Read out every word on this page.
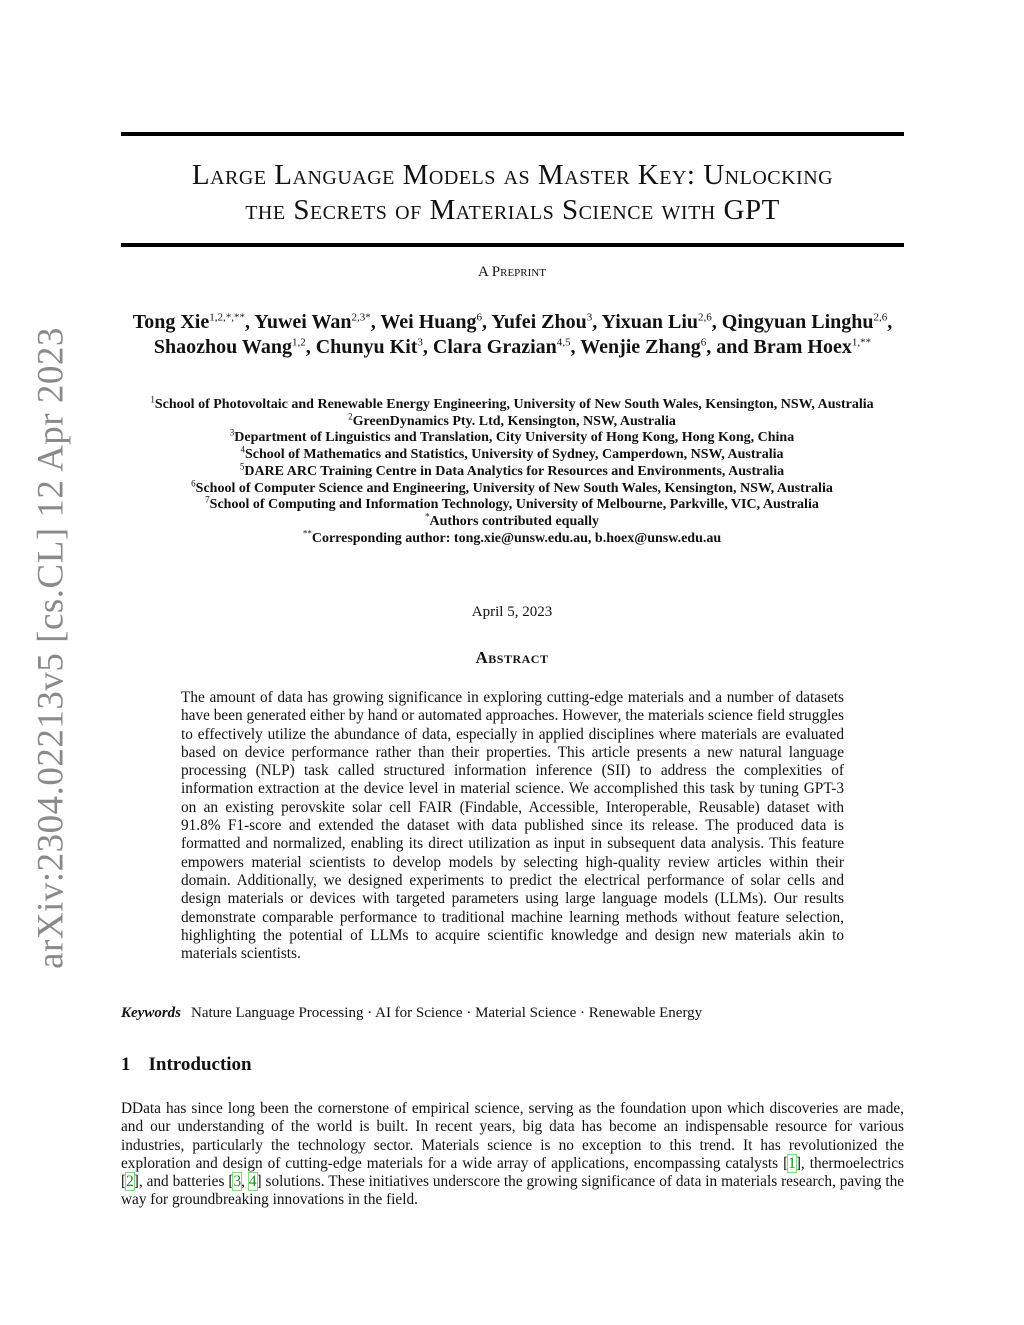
arXiv:2304.02213v5 [cs.CL] 12 Apr 2023
Large Language Models as Master Key: Unlocking
the Secrets of Materials Science with GPT
A Preprint
Tong Xie$^{1,2,*,**}$, Yuwei Wan$^{2,3*}$, Wei Huang$^6$, Yufei Zhou$^3$, Yixuan Liu$^{2,6}$, Qingyuan Linghu$^{2,6}$, Shaozhou Wang$^{1,2}$, Chunyu Kit$^3$, Clara Grazian$^{4,5}$, Wenjie Zhang$^6$, and Bram Hoex$^{1,**}$
$^1$School of Photovoltaic and Renewable Energy Engineering, University of New South Wales, Kensington, NSW, Australia
$^2$GreenDynamics Pty. Ltd, Kensington, NSW, Australia
$^3$Department of Linguistics and Translation, City University of Hong Kong, Hong Kong, China
$^4$School of Mathematics and Statistics, University of Sydney, Camperdown, NSW, Australia
$^5$DARE ARC Training Centre in Data Analytics for Resources and Environments, Australia
$^6$School of Computer Science and Engineering, University of New South Wales, Kensington, NSW, Australia
$^7$School of Computing and Information Technology, University of Melbourne, Parkville, VIC, Australia
*Authors contributed equally
**Corresponding author: tong.xie@unsw.edu.au, b.hoex@unsw.edu.au
April 5, 2023
Abstract
The amount of data has growing significance in exploring cutting-edge materials and a number of datasets have been generated either by hand or automated approaches. However, the materials science field struggles to effectively utilize the abundance of data, especially in applied disciplines where materials are evaluated based on device performance rather than their properties. This article presents a new natural language processing (NLP) task called structured information inference (SII) to address the complexities of information extraction at the device level in material science. We accomplished this task by tuning GPT-3 on an existing perovskite solar cell FAIR (Findable, Accessible, Interoperable, Reusable) dataset with 91.8% F1-score and extended the dataset with data published since its release. The produced data is formatted and normalized, enabling its direct utilization as input in subsequent data analysis. This feature empowers material scientists to develop models by selecting high-quality review articles within their domain. Additionally, we designed experiments to predict the electrical performance of solar cells and design materials or devices with targeted parameters using large language models (LLMs). Our results demonstrate comparable performance to traditional machine learning methods without feature selection, highlighting the potential of LLMs to acquire scientific knowledge and design new materials akin to materials scientists.
Keywords Nature Language Processing · AI for Science · Material Science · Renewable Energy
1 Introduction
DData has since long been the cornerstone of empirical science, serving as the foundation upon which discoveries are made, and our understanding of the world is built. In recent years, big data has become an indispensable resource for various industries, particularly the technology sector. Materials science is no exception to this trend. It has revolutionized the exploration and design of cutting-edge materials for a wide array of applications, encompassing catalysts [1], thermoelectrics [2], and batteries [3, 4] solutions. These initiatives underscore the growing significance of data in materials research, paving the way for groundbreaking innovations in the field.
